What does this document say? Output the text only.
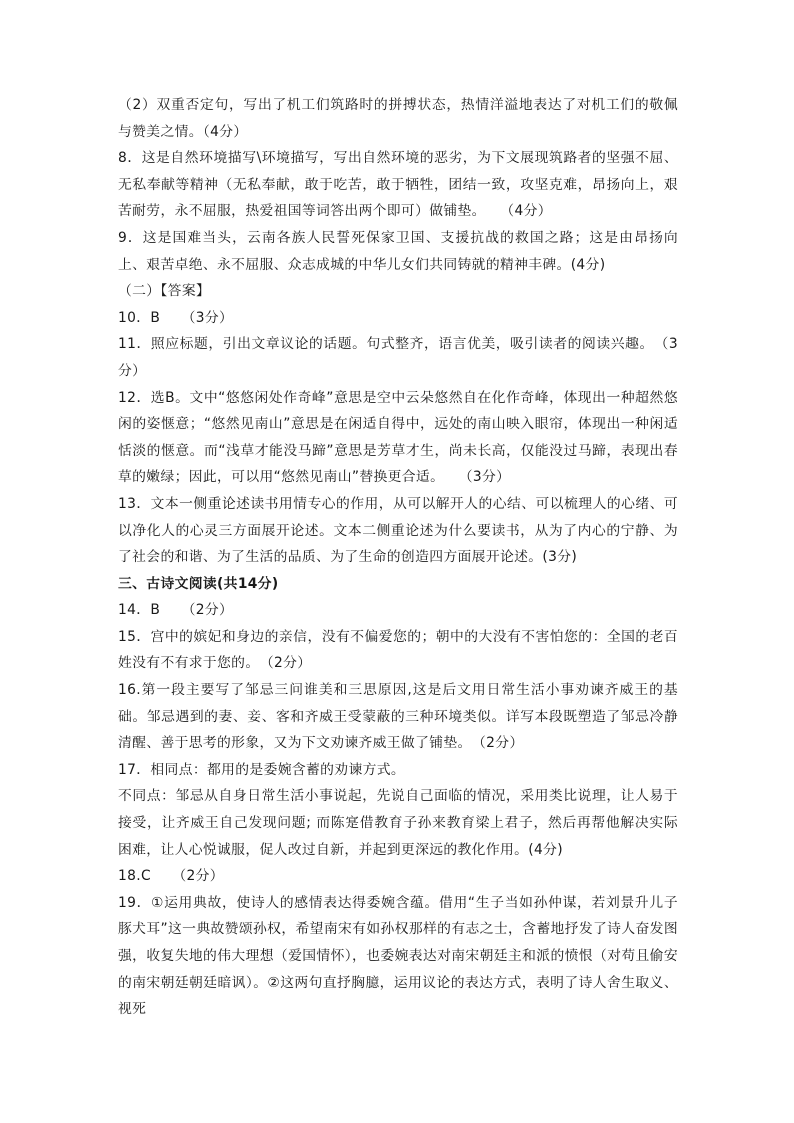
（2）双重否定句，写出了机工们筑路时的拼搏状态，热情洋溢地表达了对机工们的敬佩与赞美之情。（4分）

8．这是自然环境描写\环境描写，写出自然环境的恶劣，为下文展现筑路者的坚强不屈、无私奉献等精神（无私奉献，敢于吃苦，敢于牺牲，团结一致，攻坚克难，昂扬向上，艰苦耐劳，永不屈服，热爱祖国等词答出两个即可）做铺垫。　　（4分）

9．这是国难当头，云南各族人民誓死保家卫国、支援抗战的救国之路；这是由昂扬向上、艰苦卓绝、永不屈服、众志成城的中华儿女们共同铸就的精神丰碑。(4分)

（二）【答案】

10．B　　（3分）

11．照应标题，引出文章议论的话题。句式整齐，语言优美，吸引读者的阅读兴趣。　（3分）

12．选B。文中“悠悠闲处作奇峰”意思是空中云朵悠然自在化作奇峰，体现出一种超然悠闲的姿惬意；“悠然见南山”意思是在闲适自得中，远处的南山映入眼帘，体现出一种闲适恬淡的惬意。而“浅草才能没马蹄”意思是芳草才生，尚未长高，仅能没过马蹄，表现出春草的嫩绿；因此，可以用“悠然见南山”替换更合适。　　（3分）

13．文本一侧重论述读书用情专心的作用，从可以解开人的心结、可以梳理人的心绪、可以净化人的心灵三方面展开论述。文本二侧重论述为什么要读书，从为了内心的宁静、为了社会的和谐、为了生活的品质、为了生命的创造四方面展开论述。(3分)

三、古诗文阅读(共14分)

14．B　　（2分）

15．宫中的嫔妃和身边的亲信，没有不偏爱您的；朝中的大没有不害怕您的：全国的老百姓没有不有求于您的。　（2分）

16.第一段主要写了邹忌三问谁美和三思原因,这是后文用日常生活小事劝谏齐威王的基础。邹忌遇到的妻、妾、客和齐威王受蒙蔽的三种环境类似。详写本段既塑造了邹忌冷静清醒、善于思考的形象，又为下文劝谏齐威王做了铺垫。　（2分）

17．相同点：都用的是委婉含蓄的劝谏方式。

不同点：邹忌从自身日常生活小事说起，先说自己面临的情况，采用类比说理，让人易于接受，让齐威王自己发现问题; 而陈寔借教育子孙来教育梁上君子，然后再帮他解决实际困难，让人心悦诚服，促人改过自新，并起到更深远的教化作用。(4分)

18.C　　（2分）

19．①运用典故，使诗人的感情表达得委婉含蕴。借用“生子当如孙仲谋，若刘景升儿子豚犬耳”这一典故赞颂孙权，希望南宋有如孙权那样的有志之士，含蓄地抒发了诗人奋发图强，收复失地的伟大理想（爱国情怀），也委婉表达对南宋朝廷主和派的愤恨（对苟且偷安的南宋朝廷朝廷暗讽）。②这两句直抒胸臆，运用议论的表达方式，表明了诗人舍生取义、视死
